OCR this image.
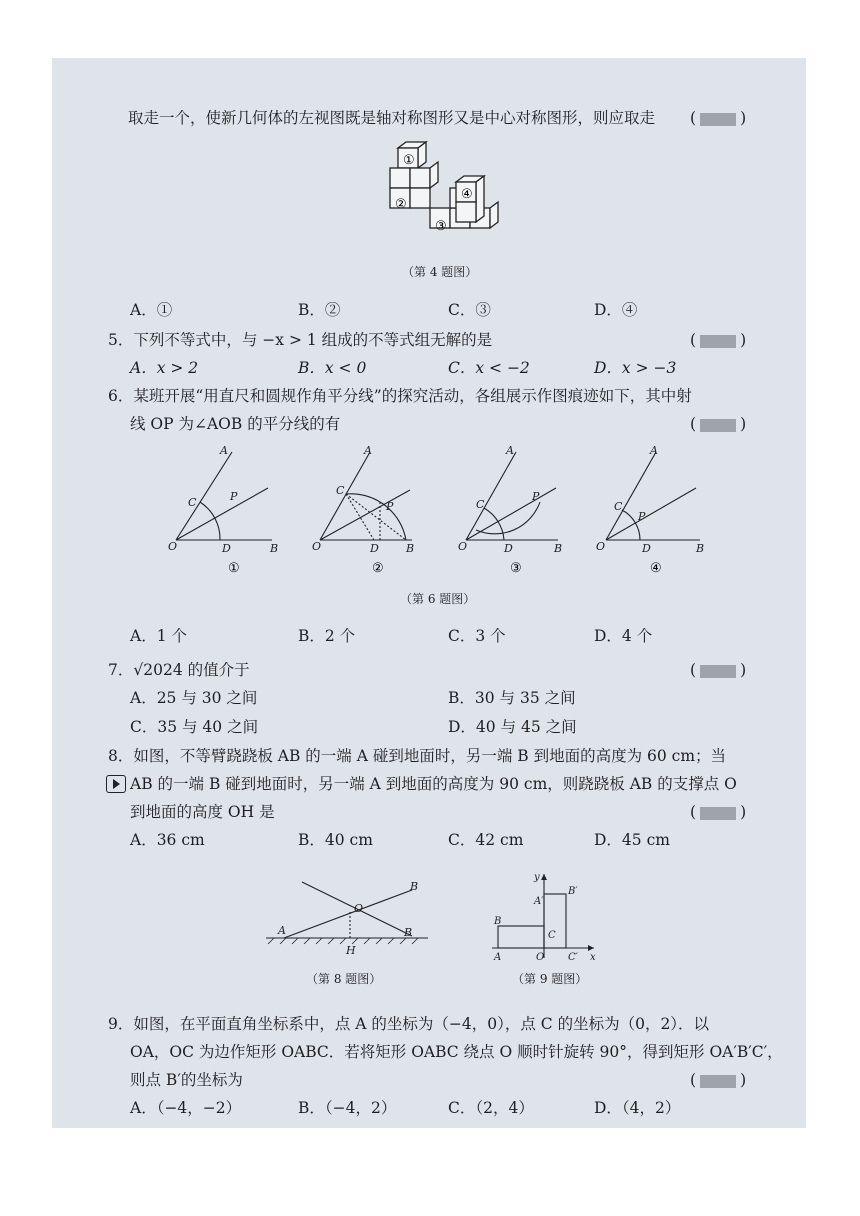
取走一个，使新几何体的左视图既是轴对称图形又是中心对称图形，则应取走 (	)
①
②
③
④
（第 4 题图）
A．①	B．②	C．③	D．④
5．下列不等式中，与 −x > 1 组成的不等式组无解的是	(	)
A．x > 2	B．x < 0	C．x < −2	D．x > −3
6．某班开展“用直尺和圆规作角平分线”的探究活动，各组展示作图痕迹如下，其中射
线 OP 为∠AOB 的平分线的有	(	)
A
O	D	B
C	P
A
O	D B
C
P
A
O	D	B
C
P
A
O	D	B
C
P
①	②	③	④
（第 6 题图）
A．1 个	B．2 个	C．3 个	D．4 个
7．√2024 的值介于	(	)
A．25 与 30 之间	B．30 与 35 之间
C．35 与 40 之间	D．40 与 45 之间
8．如图，不等臂跷跷板 AB 的一端 A 碰到地面时，另一端 B 到地面的高度为 60 cm；当
AB 的一端 B 碰到地面时，另一端 A 到地面的高度为 90 cm，则跷跷板 AB 的支撑点 O
到地面的高度 OH 是	(	)
A．36 cm	B．40 cm	C．42 cm	D．45 cm
A
B
O
H
B
（第 8 题图）
y
x
A
B
C
O
A′
B′
C′
（第 9 题图）
9．如图，在平面直角坐标系中，点 A 的坐标为（−4，0），点 C 的坐标为（0，2）．以
OA，OC 为边作矩形 OABC．若将矩形 OABC 绕点 O 顺时针旋转 90°，得到矩形 OA′B′C′，
则点 B′的坐标为	(	)
A．（−4，−2）	B．（−4，2）	C．（2，4）	D．（4，2）
